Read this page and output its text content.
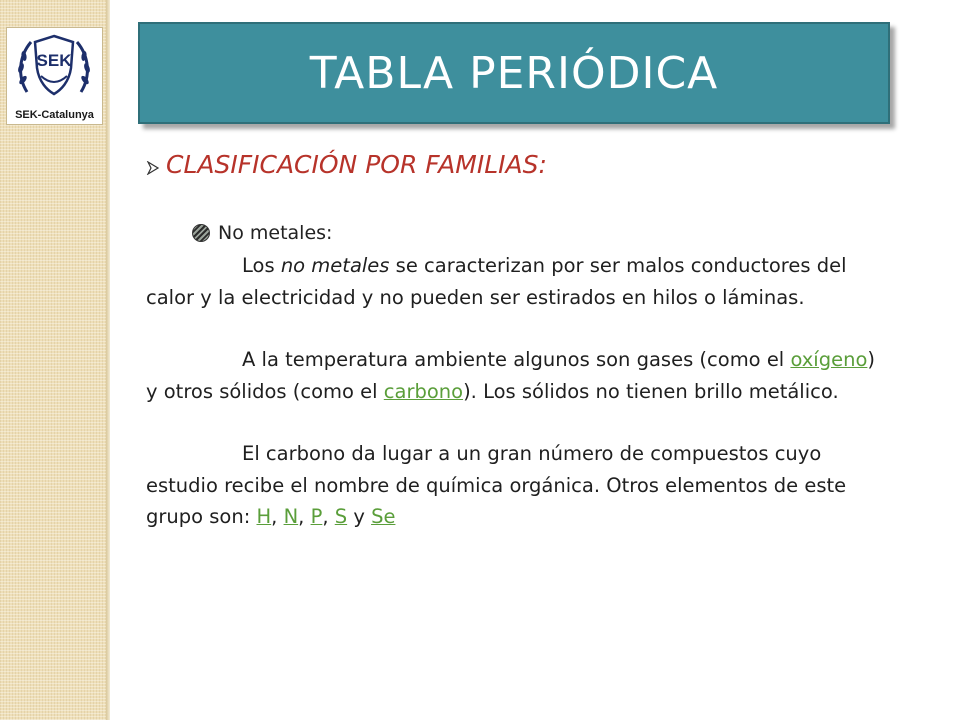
SEK
SEK-Catalunya
TABLA PERIÓDICA
CLASIFICACIÓN POR FAMILIAS:
No metales:

Los no metales se caracterizan por ser malos conductores del calor y la electricidad y no pueden ser estirados en hilos o láminas.

A la temperatura ambiente algunos son gases (como el oxígeno) y otros sólidos (como el carbono). Los sólidos no tienen brillo metálico.

El carbono da lugar a un gran número de compuestos cuyo estudio recibe el nombre de química orgánica. Otros elementos de este grupo son: H, N, P, S y Se
